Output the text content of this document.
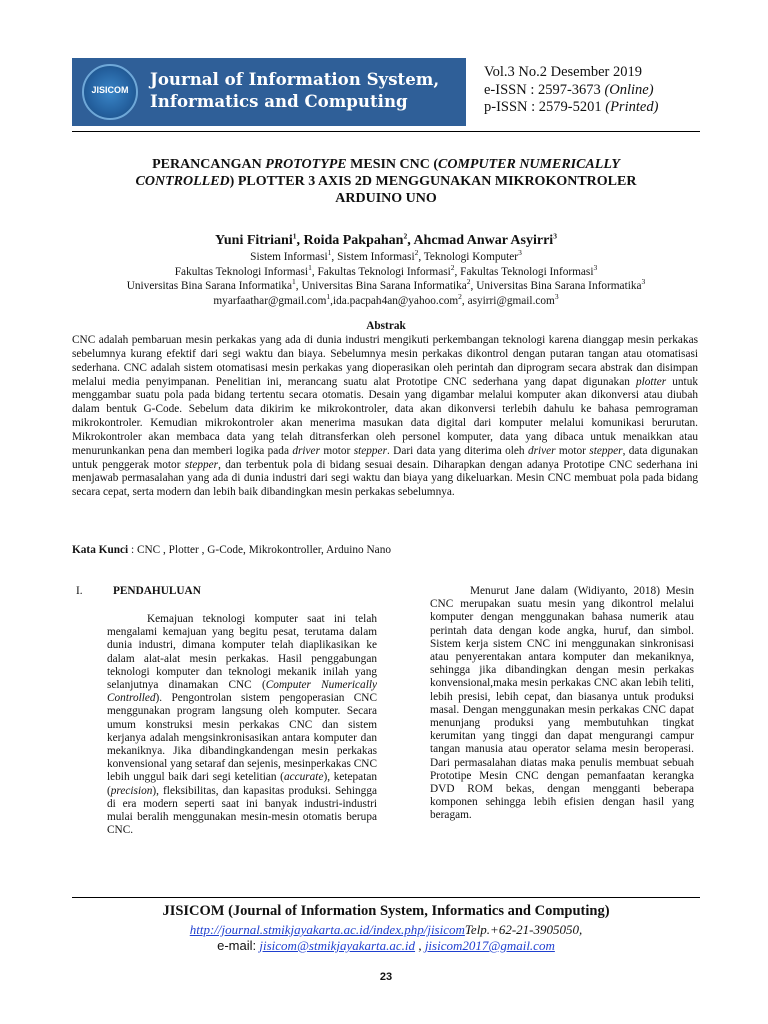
JISICOM
Journal of Information System,
Informatics and Computing
Vol.3 No.2 Desember 2019
e-ISSN : 2597-3673 (Online)
p-ISSN : 2579-5201 (Printed)
PERANCANGAN PROTOTYPE MESIN CNC (COMPUTER NUMERICALLY
CONTROLLED) PLOTTER 3 AXIS 2D MENGGUNAKAN MIKROKONTROLER
ARDUINO UNO
Yuni Fitriani$^1$, Roida Pakpahan$^2$, Ahcmad Anwar Asyirri$^3$
Sistem Informasi$^1$, Sistem Informasi$^2$, Teknologi Komputer$^3$
Fakultas Teknologi Informasi$^1$, Fakultas Teknologi Informasi$^2$, Fakultas Teknologi Informasi$^3$
Universitas Bina Sarana Informatika$^1$, Universitas Bina Sarana Informatika$^2$, Universitas Bina Sarana Informatika$^3$
myarfaathar@gmail.com$^1$,ida.pacpah4an@yahoo.com$^2$, asyirri@gmail.com$^3$
Abstrak
CNC adalah pembaruan mesin perkakas yang ada di dunia industri mengikuti perkembangan teknologi karena dianggap mesin perkakas sebelumnya kurang efektif dari segi waktu dan biaya. Sebelumnya mesin perkakas dikontrol dengan putaran tangan atau otomatisasi sederhana. CNC adalah sistem otomatisasi mesin perkakas yang dioperasikan oleh perintah dan diprogram secara abstrak dan disimpan melalui media penyimpanan. Penelitian ini, merancang suatu alat Prototipe CNC sederhana yang dapat digunakan plotter untuk menggambar suatu pola pada bidang tertentu secara otomatis. Desain yang digambar melalui komputer akan dikonversi atau diubah dalam bentuk G-Code. Sebelum data dikirim ke mikrokontroler, data akan dikonversi terlebih dahulu ke bahasa pemrograman mikrokontroler. Kemudian mikrokontroler akan menerima masukan data digital dari komputer melalui komunikasi berurutan. Mikrokontroler akan membaca data yang telah ditransferkan oleh personel komputer, data yang dibaca untuk menaikkan atau menurunkankan pena dan memberi logika pada driver motor stepper. Dari data yang diterima oleh driver motor stepper, data digunakan untuk penggerak motor stepper, dan terbentuk pola di bidang sesuai desain. Diharapkan dengan adanya Prototipe CNC sederhana ini menjawab permasalahan yang ada di dunia industri dari segi waktu dan biaya yang dikeluarkan. Mesin CNC membuat pola pada bidang secara cepat, serta modern dan lebih baik dibandingkan mesin perkakas sebelumnya.
Kata Kunci : CNC , Plotter , G-Code, Mikrokontroller, Arduino Nano
I.	PENDAHULUAN
Kemajuan teknologi komputer saat ini telah mengalami kemajuan yang begitu pesat, terutama dalam dunia industri, dimana komputer telah diaplikasikan ke dalam alat-alat mesin perkakas. Hasil penggabungan teknologi komputer dan teknologi mekanik inilah yang selanjutnya dinamakan CNC (Computer Numerically Controlled). Pengontrolan sistem pengoperasian CNC menggunakan program langsung oleh komputer. Secara umum konstruksi mesin perkakas CNC dan sistem kerjanya adalah mengsinkronisasikan antara komputer dan mekaniknya. Jika dibandingkandengan mesin perkakas konvensional yang setaraf dan sejenis, mesinperkakas CNC lebih unggul baik dari segi ketelitian (accurate), ketepatan (precision), fleksibilitas, dan kapasitas produksi. Sehingga di era modern seperti saat ini banyak industri-industri mulai beralih menggunakan mesin-mesin otomatis berupa CNC.
Menurut Jane dalam (Widiyanto, 2018) Mesin CNC merupakan suatu mesin yang dikontrol melalui komputer dengan menggunakan bahasa numerik atau perintah data dengan kode angka, huruf, dan simbol. Sistem kerja sistem CNC ini menggunakan sinkronisasi atau penyerentakan antara komputer dan mekaniknya, sehingga jika dibandingkan dengan mesin perkakas konvensional,maka mesin perkakas CNC akan lebih teliti, lebih presisi, lebih cepat, dan biasanya untuk produksi masal. Dengan menggunakan mesin perkakas CNC dapat menunjang produksi yang membutuhkan tingkat kerumitan yang tinggi dan dapat mengurangi campur tangan manusia atau operator selama mesin beroperasi. Dari permasalahan diatas maka penulis membuat sebuah Prototipe Mesin CNC dengan pemanfaatan kerangka DVD ROM bekas, dengan mengganti beberapa komponen sehingga lebih efisien dengan hasil yang beragam.
JISICOM (Journal of Information System, Informatics and Computing)
http://journal.stmikjayakarta.ac.id/index.php/jisicomTelp.+62-21-3905050,
e-mail: jisicom@stmikjayakarta.ac.id , jisicom2017@gmail.com
23
